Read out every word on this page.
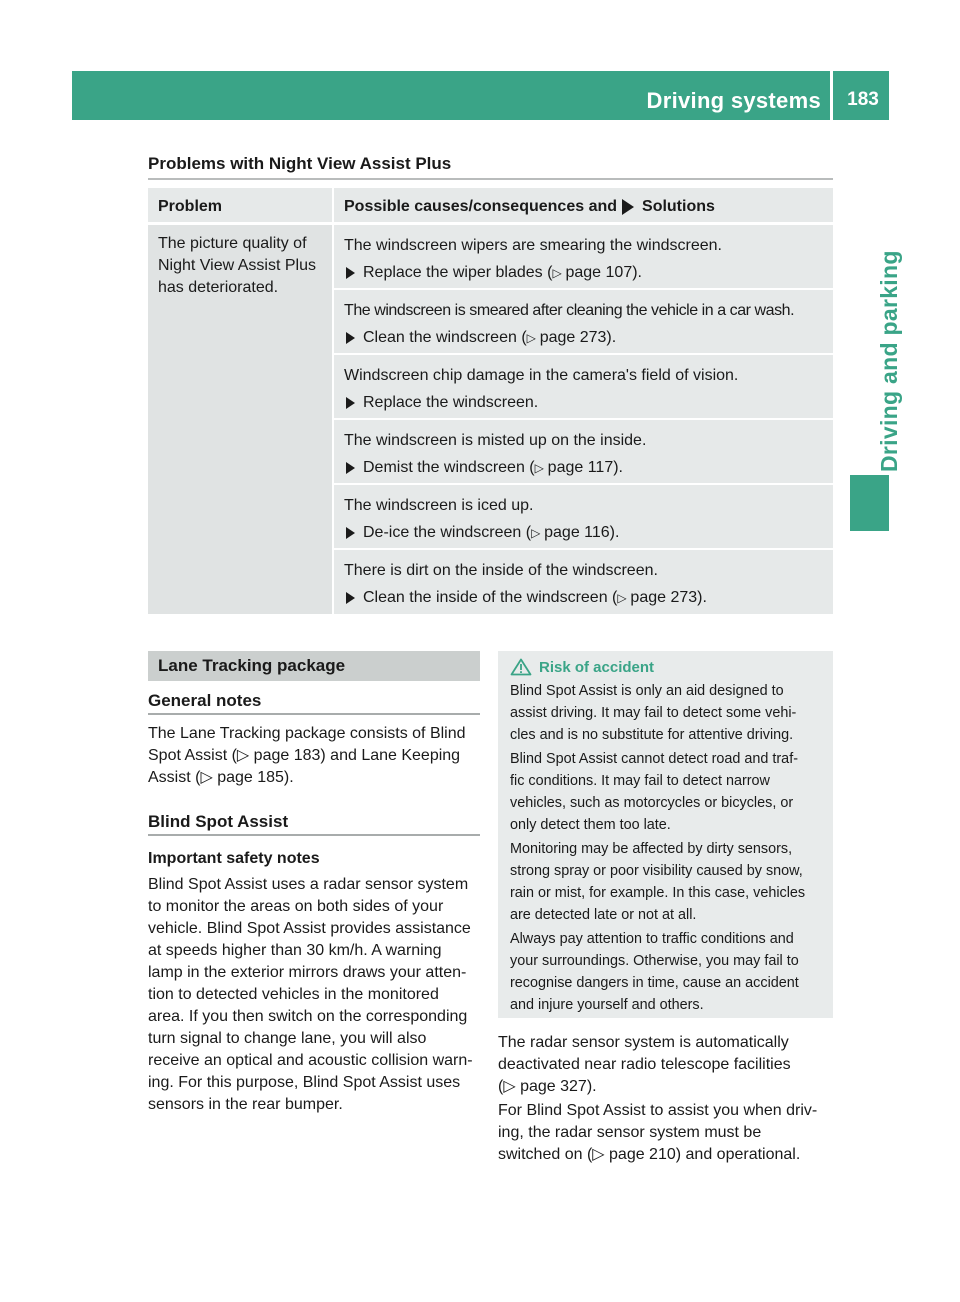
Driving systems	183
Driving and parking
Problems with Night View Assist Plus
Problem	Possible causes/consequences and Solutions
The picture quality of
Night View Assist Plus
has deteriorated.
The windscreen wipers are smearing the windscreen.
Replace the wiper blades ( ▷ page 107).
The windscreen is smeared after cleaning the vehicle in a car wash.
Clean the windscreen ( ▷ page 273).
Windscreen chip damage in the camera's field of vision.
Replace the windscreen.
The windscreen is misted up on the inside.
Demist the windscreen ( ▷ page 117).
The windscreen is iced up.
De-ice the windscreen ( ▷ page 116).
There is dirt on the inside of the windscreen.
Clean the inside of the windscreen ( ▷ page 273).
Lane Tracking package
General notes
The Lane Tracking package consists of Blind
Spot Assist (▷ page 183) and Lane Keeping
Assist (▷ page 185).
Blind Spot Assist
Important safety notes
Blind Spot Assist uses a radar sensor system
to monitor the areas on both sides of your
vehicle. Blind Spot Assist provides assistance
at speeds higher than 30 km/h. A warning
lamp in the exterior mirrors draws your atten-
tion to detected vehicles in the monitored
area. If you then switch on the corresponding
turn signal to change lane, you will also
receive an optical and acoustic collision warn-
ing. For this purpose, Blind Spot Assist uses
sensors in the rear bumper.
Risk of accident
Blind Spot Assist is only an aid designed to
assist driving. It may fail to detect some vehi-
cles and is no substitute for attentive driving.
Blind Spot Assist cannot detect road and traf-
fic conditions. It may fail to detect narrow
vehicles, such as motorcycles or bicycles, or
only detect them too late.
Monitoring may be affected by dirty sensors,
strong spray or poor visibility caused by snow,
rain or mist, for example. In this case, vehicles
are detected late or not at all.
Always pay attention to traffic conditions and
your surroundings. Otherwise, you may fail to
recognise dangers in time, cause an accident
and injure yourself and others.
The radar sensor system is automatically
deactivated near radio telescope facilities
(▷ page 327).
For Blind Spot Assist to assist you when driv-
ing, the radar sensor system must be
switched on (▷ page 210) and operational.
